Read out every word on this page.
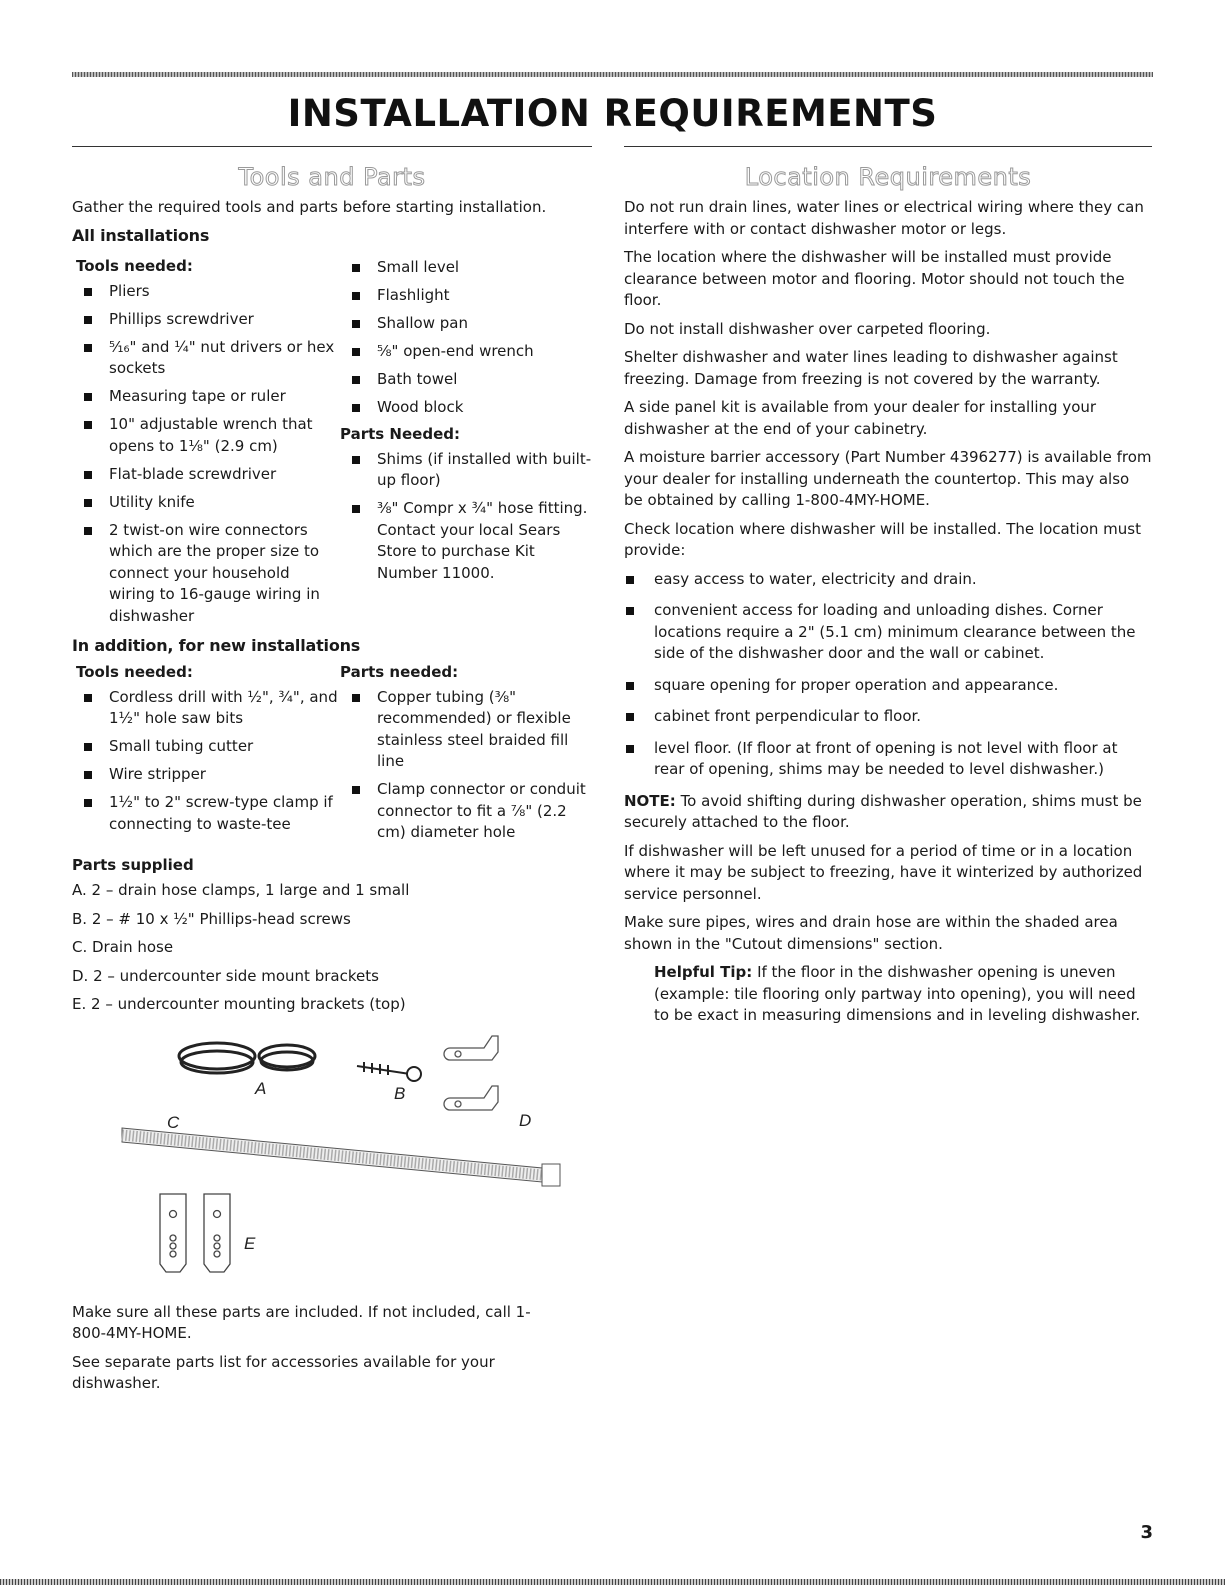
INSTALLATION REQUIREMENTS
Tools and Parts

Gather the required tools and parts before starting installation.

All installations
Tools needed:
Pliers
Phillips screwdriver
⁵⁄₁₆" and ¼" nut drivers or hex sockets
Measuring tape or ruler
10" adjustable wrench that opens to 1⅛" (2.9 cm)
Flat-blade screwdriver
Utility knife
2 twist-on wire connectors which are the proper size to connect your household wiring to 16-gauge wiring in dishwasher
Small level
Flashlight
Shallow pan
⅝" open-end wrench
Bath towel
Wood block
Parts Needed:
Shims (if installed with built-up floor)
⅜" Compr x ¾" hose fitting. Contact your local Sears Store to purchase Kit Number 11000.
In addition, for new installations
Tools needed:
Cordless drill with ½", ¾", and 1½" hole saw bits
Small tubing cutter
Wire stripper
1½" to 2" screw-type clamp if connecting to waste-tee
Parts needed:
Copper tubing (⅜" recommended) or flexible stainless steel braided fill line
Clamp connector or conduit connector to fit a ⅞" (2.2 cm) diameter hole
Parts supplied

A. 2 – drain hose clamps, 1 large and 1 small

B. 2 – # 10 x ½" Phillips-head screws

C. Drain hose

D. 2 – undercounter side mount brackets

E. 2 – undercounter mounting brackets (top)

A	B
C	D
E

Make sure all these parts are included. If not included, call 1-800-4MY-HOME.

See separate parts list for accessories available for your dishwasher.

Location Requirements

Do not run drain lines, water lines or electrical wiring where they can interfere with or contact dishwasher motor or legs.

The location where the dishwasher will be installed must provide clearance between motor and flooring. Motor should not touch the floor.

Do not install dishwasher over carpeted flooring.

Shelter dishwasher and water lines leading to dishwasher against freezing. Damage from freezing is not covered by the warranty.

A side panel kit is available from your dealer for installing your dishwasher at the end of your cabinetry.

A moisture barrier accessory (Part Number 4396277) is available from your dealer for installing underneath the countertop. This may also be obtained by calling 1-800-4MY-HOME.

Check location where dishwasher will be installed. The location must provide:

easy access to water, electricity and drain.
convenient access for loading and unloading dishes. Corner locations require a 2" (5.1 cm) minimum clearance between the side of the dishwasher door and the wall or cabinet.
square opening for proper operation and appearance.
cabinet front perpendicular to floor.
level floor. (If floor at front of opening is not level with floor at rear of opening, shims may be needed to level dishwasher.)

NOTE: To avoid shifting during dishwasher operation, shims must be securely attached to the floor.

If dishwasher will be left unused for a period of time or in a location where it may be subject to freezing, have it winterized by authorized service personnel.

Make sure pipes, wires and drain hose are within the shaded area shown in the "Cutout dimensions" section.

Helpful Tip: If the floor in the dishwasher opening is uneven (example: tile flooring only partway into opening), you will need to be exact in measuring dimensions and in leveling dishwasher.

3
